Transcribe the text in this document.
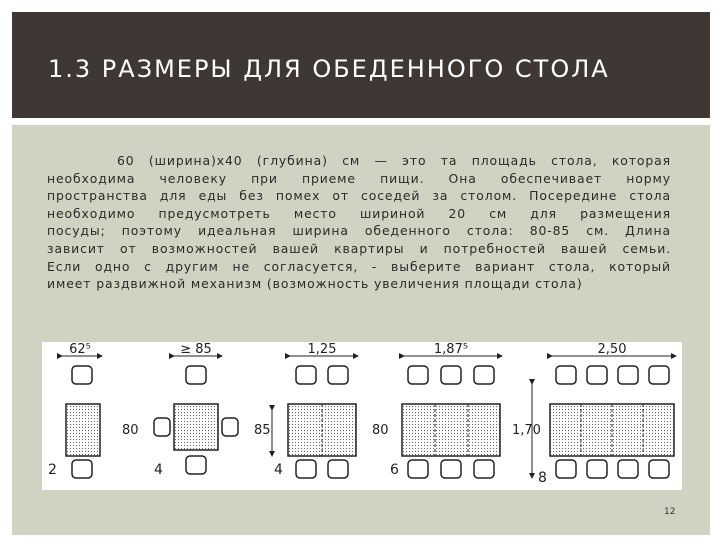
1.3 РАЗМЕРЫ ДЛЯ ОБЕДЕННОГО СТОЛА
60 (ширина)х40 (глубина) см — это та площадь стола, которая
необходима человеку при приеме пищи. Она обеспечивает норму
пространства для еды без помех от соседей за столом. Посередине стола
необходимо предусмотреть место шириной 20 см для размещения
посуды; поэтому идеальная ширина обеденного стола: 80-85 см. Длина
зависит от возможностей вашей квартиры и потребностей вашей семьи.
Если одно с другим не согласуется, - выберите вариант стола, который
имеет раздвижной механизм (возможность увеличения площади стола)
62⁵
80
2
≥ 85
4
85
1,25
4
80
1,87⁵
6
1,70
2,50
8
12
